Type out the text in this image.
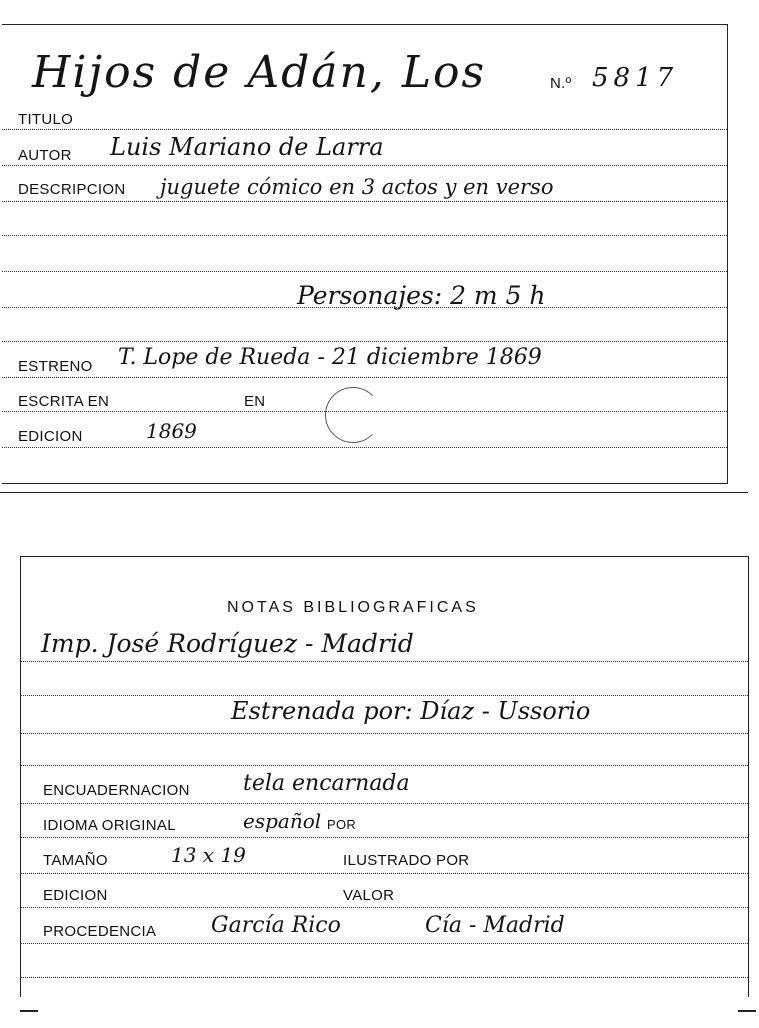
Hijos de Adán, Los	N.º 5817
TITULO
AUTOR Luis Mariano de Larra
DESCRIPCION juguete cómico en 3 actos y en verso
Personajes: 2 m 5 h
ESTRENO T. Lope de Rueda - 21 diciembre 1869
ESCRITA EN	EN
EDICION	1869
NOTAS BIBLIOGRAFICAS
Imp. José Rodríguez - Madrid
Estrenada por: Díaz - Ussorio
ENCUADERNACION tela encarnada
IDIOMA ORIGINAL	español POR
TAMAÑO	13 x 19	ILUSTRADO POR
EDICION	VALOR
PROCEDENCIA García Rico	Cía - Madrid
